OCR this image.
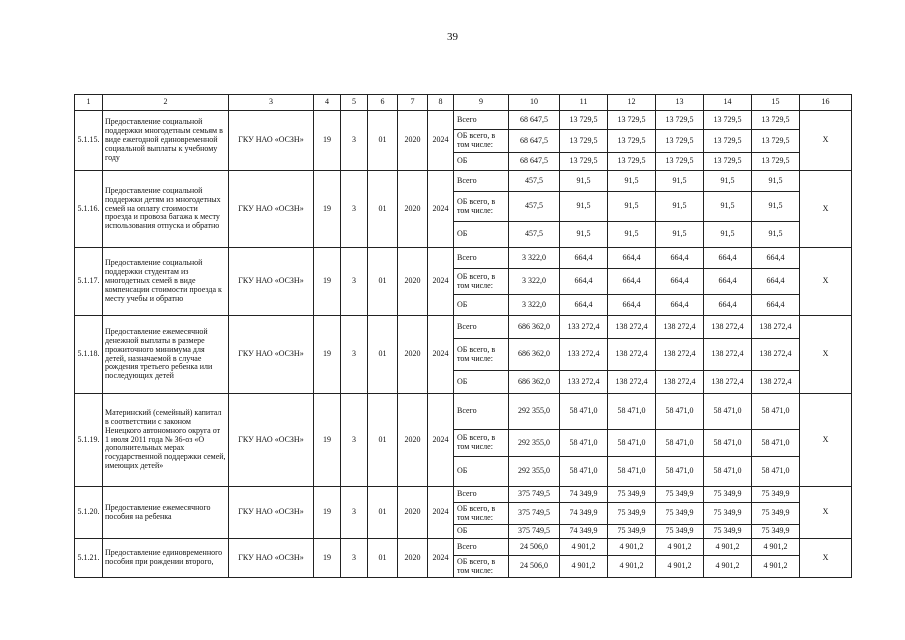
39
1	2	3	4	5	6	7	8	9	10	11	12	13	14	15	16
5.1.15.	Предоставление социальной поддержки многодетным семьям в виде ежегодной единовременной социальной выплаты к учебному году	ГКУ НАО «ОСЗН»	19	3	01	2020	2024	Всего	68 647,5	13 729,5	13 729,5	13 729,5	13 729,5	13 729,5	Х
								ОБ всего, в том числе:	68 647,5	13 729,5	13 729,5	13 729,5	13 729,5	13 729,5	
								ОБ	68 647,5	13 729,5	13 729,5	13 729,5	13 729,5	13 729,5	
5.1.16.	Предоставление социальной поддержки детям из многодетных семей на оплату стоимости проезда и провоза багажа к месту использования отпуска и обратно	ГКУ НАО «ОСЗН»	19	3	01	2020	2024	Всего	457,5	91,5	91,5	91,5	91,5	91,5	Х
								ОБ всего, в том числе:	457,5	91,5	91,5	91,5	91,5	91,5	
								ОБ	457,5	91,5	91,5	91,5	91,5	91,5	
5.1.17.	Предоставление социальной поддержки студентам из многодетных семей в виде компенсации стоимости проезда к месту учебы и обратно	ГКУ НАО «ОСЗН»	19	3	01	2020	2024	Всего	3 322,0	664,4	664,4	664,4	664,4	664,4	Х
								ОБ всего, в том числе:	3 322,0	664,4	664,4	664,4	664,4	664,4	
								ОБ	3 322,0	664,4	664,4	664,4	664,4	664,4	
5.1.18.	Предоставление ежемесячной денежной выплаты в размере прожиточного минимума для детей, назначаемой в случае рождения третьего ребенка или последующих детей	ГКУ НАО «ОСЗН»	19	3	01	2020	2024	Всего	686 362,0	133 272,4	138 272,4	138 272,4	138 272,4	138 272,4	Х
								ОБ всего, в том числе:	686 362,0	133 272,4	138 272,4	138 272,4	138 272,4	138 272,4	
								ОБ	686 362,0	133 272,4	138 272,4	138 272,4	138 272,4	138 272,4	
5.1.19.	Материнский (семейный) капитал в соответствии с законом Ненецкого автономного округа от 1 июля 2011 года № 36-оз «О дополнительных мерах государственной поддержки семей, имеющих детей»	ГКУ НАО «ОСЗН»	19	3	01	2020	2024	Всего	292 355,0	58 471,0	58 471,0	58 471,0	58 471,0	58 471,0	Х
								ОБ всего, в том числе:	292 355,0	58 471,0	58 471,0	58 471,0	58 471,0	58 471,0	
								ОБ	292 355,0	58 471,0	58 471,0	58 471,0	58 471,0	58 471,0	
5.1.20.	Предоставление ежемесячного пособия на ребенка	ГКУ НАО «ОСЗН»	19	3	01	2020	2024	Всего	375 749,5	74 349,9	75 349,9	75 349,9	75 349,9	75 349,9	Х
								ОБ всего, в том числе:	375 749,5	74 349,9	75 349,9	75 349,9	75 349,9	75 349,9	
								ОБ	375 749,5	74 349,9	75 349,9	75 349,9	75 349,9	75 349,9	
5.1.21.	Предоставление единовременного пособия при рождении второго,	ГКУ НАО «ОСЗН»	19	3	01	2020	2024	Всего	24 506,0	4 901,2	4 901,2	4 901,2	4 901,2	4 901,2	Х
								ОБ всего, в том числе:	24 506,0	4 901,2	4 901,2	4 901,2	4 901,2	4 901,2	
